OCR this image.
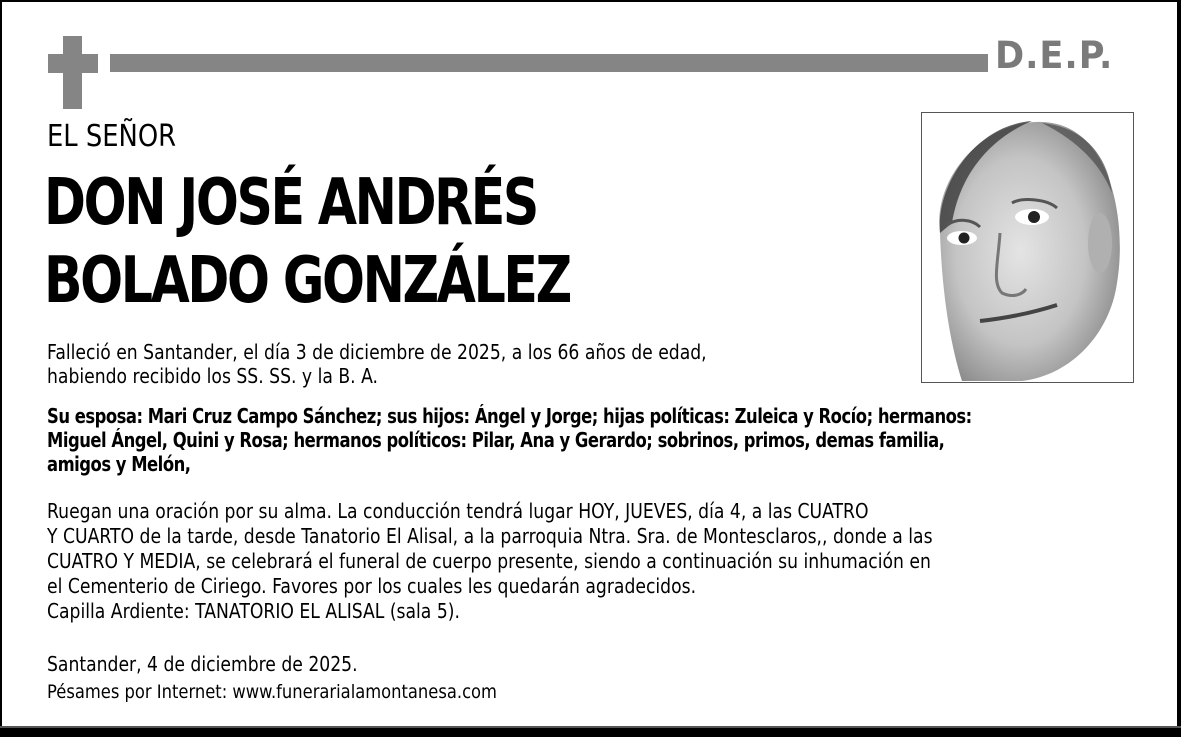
D.E.P.
EL SEÑOR
DON JOSÉ ANDRÉS
BOLADO GONZÁLEZ
Falleció en Santander, el día 3 de diciembre de 2025, a los 66 años de edad,
habiendo recibido los SS. SS. y la B. A.
Su esposa: Mari Cruz Campo Sánchez; sus hijos: Ángel y Jorge; hijas políticas: Zuleica y Rocío; hermanos:
Miguel Ángel, Quini y Rosa; hermanos políticos: Pilar, Ana y Gerardo; sobrinos, primos, demas familia,
amigos y Melón,
Ruegan una oración por su alma. La conducción tendrá lugar HOY, JUEVES, día 4, a las CUATRO
Y CUARTO de la tarde, desde Tanatorio El Alisal, a la parroquia Ntra. Sra. de Montesclaros,, donde a las
CUATRO Y MEDIA, se celebrará el funeral de cuerpo presente, siendo a continuación su inhumación en
el Cementerio de Ciriego. Favores por los cuales les quedarán agradecidos.
Capilla Ardiente: TANATORIO EL ALISAL (sala 5).
Santander, 4 de diciembre de 2025.
Pésames por Internet: www.funerarialamontanesa.com
